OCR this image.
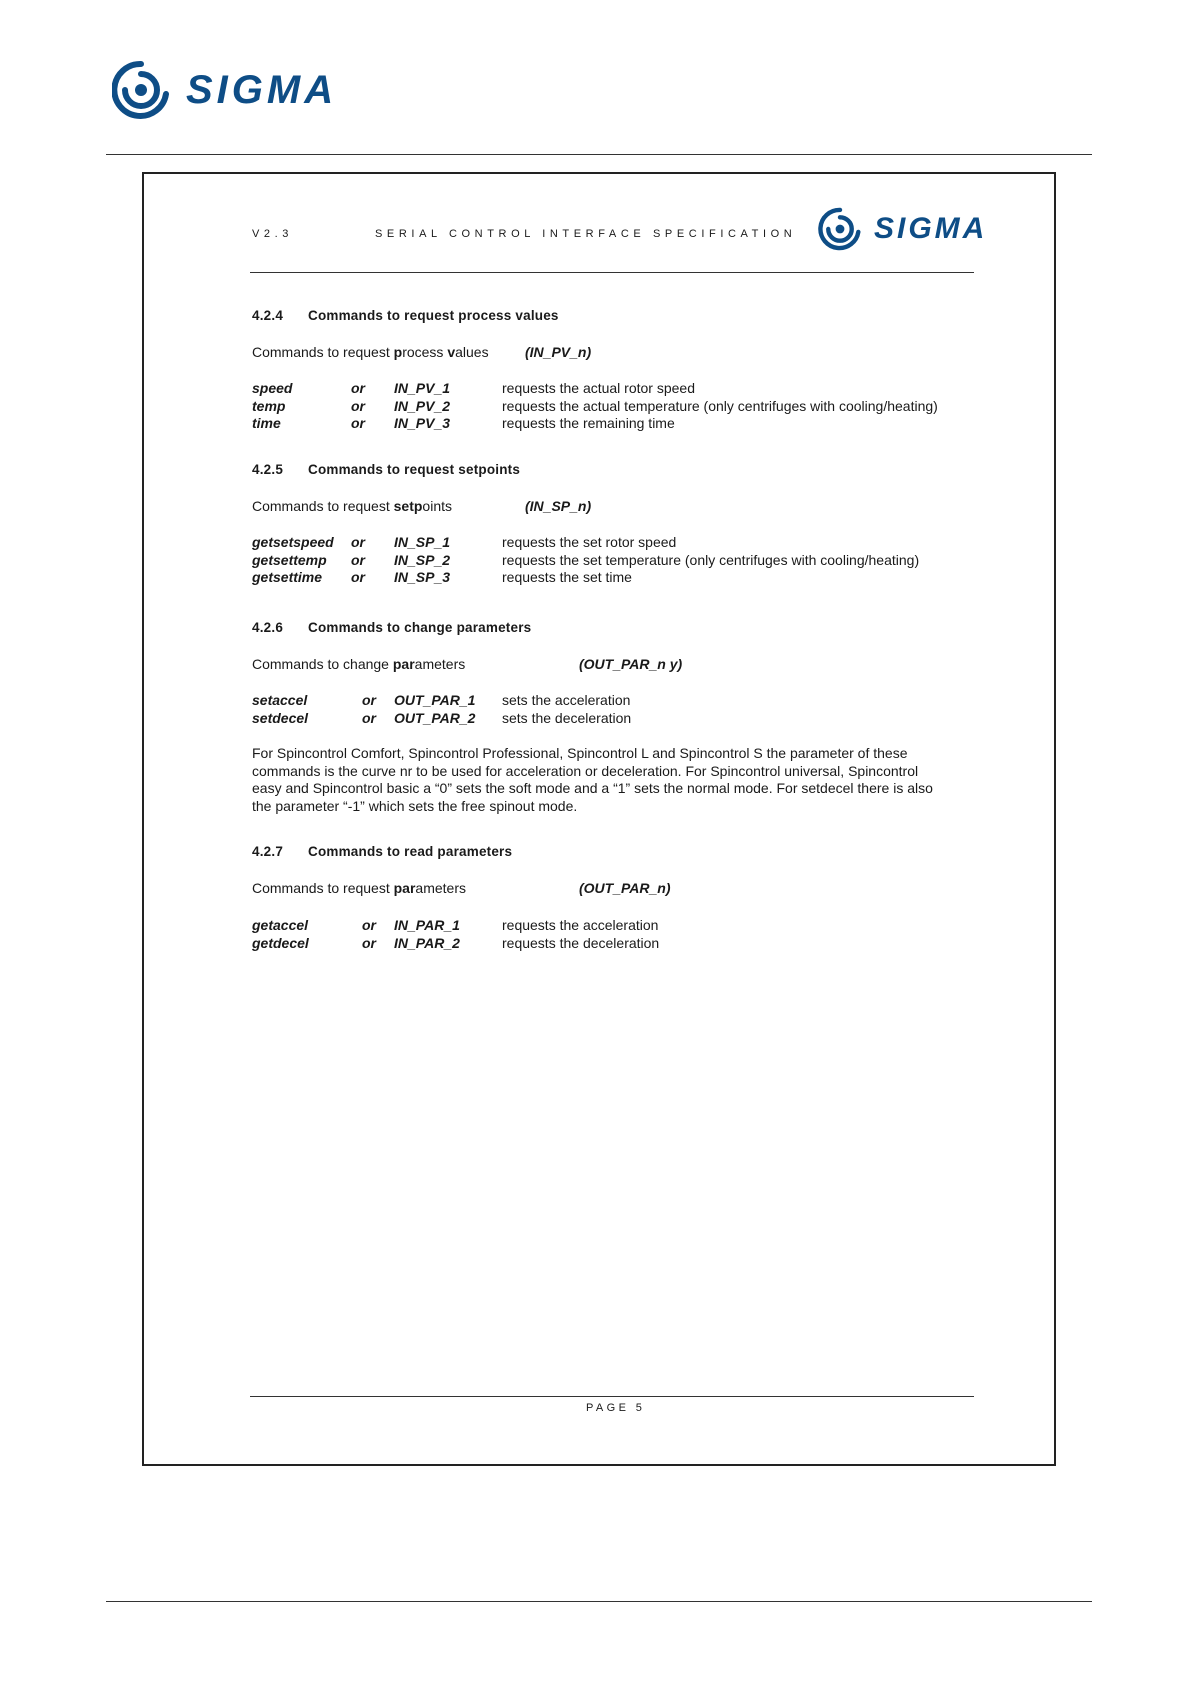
SIGMA
V2.3	SERIAL CONTROL INTERFACE SPECIFICATION	SIGMA
4.2.4 Commands to request process values
Commands to request process values	(IN_PV_n)
speed	or IN_PV_1	requests the actual rotor speed
temp	or IN_PV_2	requests the actual temperature (only centrifuges with cooling/heating)
time	or IN_PV_3	requests the remaining time
4.2.5 Commands to request setpoints
Commands to request setpoints	(IN_SP_n)
getsetspeed or IN_SP_1	requests the set rotor speed
getsettemp or IN_SP_2	requests the set temperature (only centrifuges with cooling/heating)
getsettime or IN_SP_3	requests the set time
4.2.6 Commands to change parameters
Commands to change parameters	(OUT_PAR_n y)
setaccel	or OUT_PAR_1 sets the acceleration
setdecel	or OUT_PAR_2 sets the deceleration
For Spincontrol Comfort, Spincontrol Professional, Spincontrol L and Spincontrol S the parameter of these
commands is the curve nr to be used for acceleration or deceleration. For Spincontrol universal, Spincontrol
easy and Spincontrol basic a “0” sets the soft mode and a “1” sets the normal mode. For setdecel there is also
the parameter “-1” which sets the free spinout mode.
4.2.7 Commands to read parameters
Commands to request parameters	(OUT_PAR_n)
getaccel	or IN_PAR_1	requests the acceleration
getdecel	or IN_PAR_2	requests the deceleration
PAGE 5
